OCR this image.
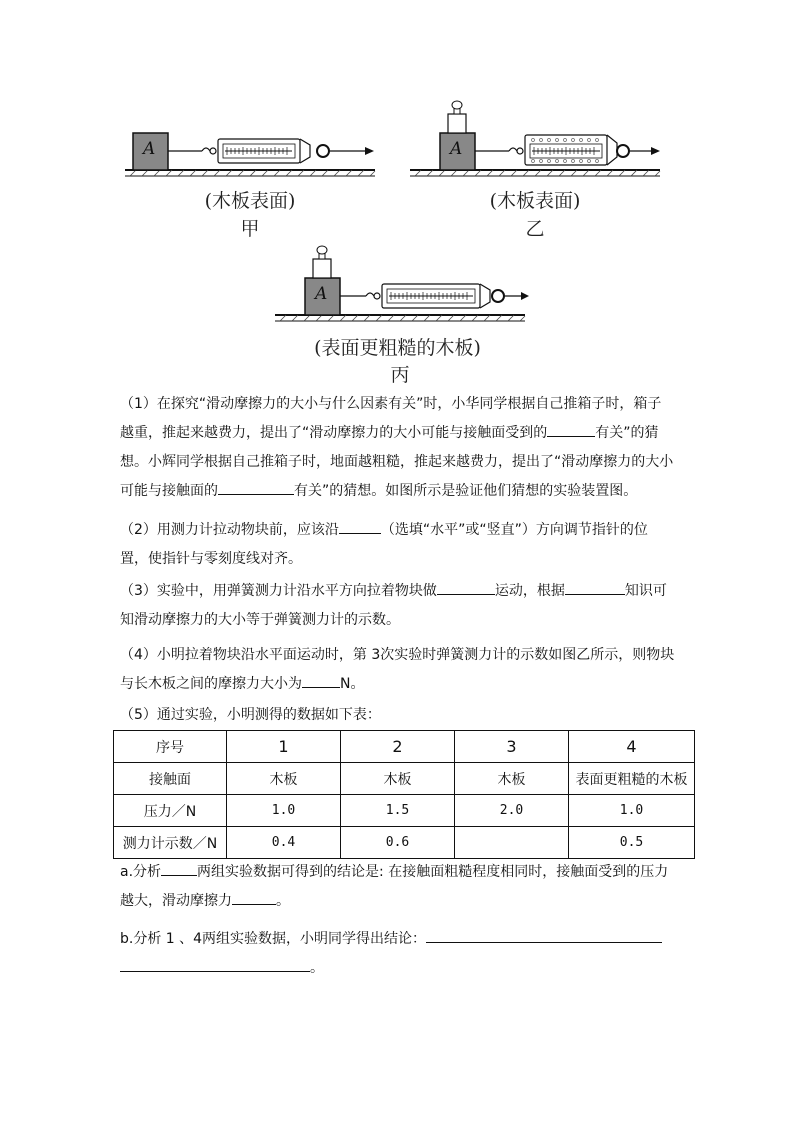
A
(木板表面)
甲
A
(木板表面)
乙
A
(表面更粗糙的木板)
丙
（1）在探究“滑动摩擦力的大小与什么因素有关”时，小华同学根据自己推箱子时，箱子
越重，推起来越费力，提出了“滑动摩擦力的大小可能与接触面受到的	有关”的猜
想。小辉同学根据自己推箱子时，地面越粗糙，推起来越费力，提出了“滑动摩擦力的大小
可能与接触面的	有关”的猜想。如图所示是验证他们猜想的实验装置图。
（2）用测力计拉动物块前，应该沿	（选填“水平”或“竖直”）方向调节指针的位
置，使指针与零刻度线对齐。
（3）实验中，用弹簧测力计沿水平方向拉着物块做	运动，根据	知识可
知滑动摩擦力的大小等于弹簧测力计的示数。
（4）小明拉着物块沿水平面运动时，第 3次实验时弹簧测力计的示数如图乙所示，则物块
与长木板之间的摩擦力大小为	N。
（5）通过实验，小明测得的数据如下表：
序号	1	2	3	4
接触面	木板	木板	木板	表面更粗糙的木板
压力／N	1.0	1.5	2.0	1.0
测力计示数／N	0.4	0.6		0.5
a.分析	两组实验数据可得到的结论是: 在接触面粗糙程度相同时，接触面受到的压力
越大，滑动摩擦力	。
b.分析 1 、4两组实验数据，小明同学得出结论：
。
